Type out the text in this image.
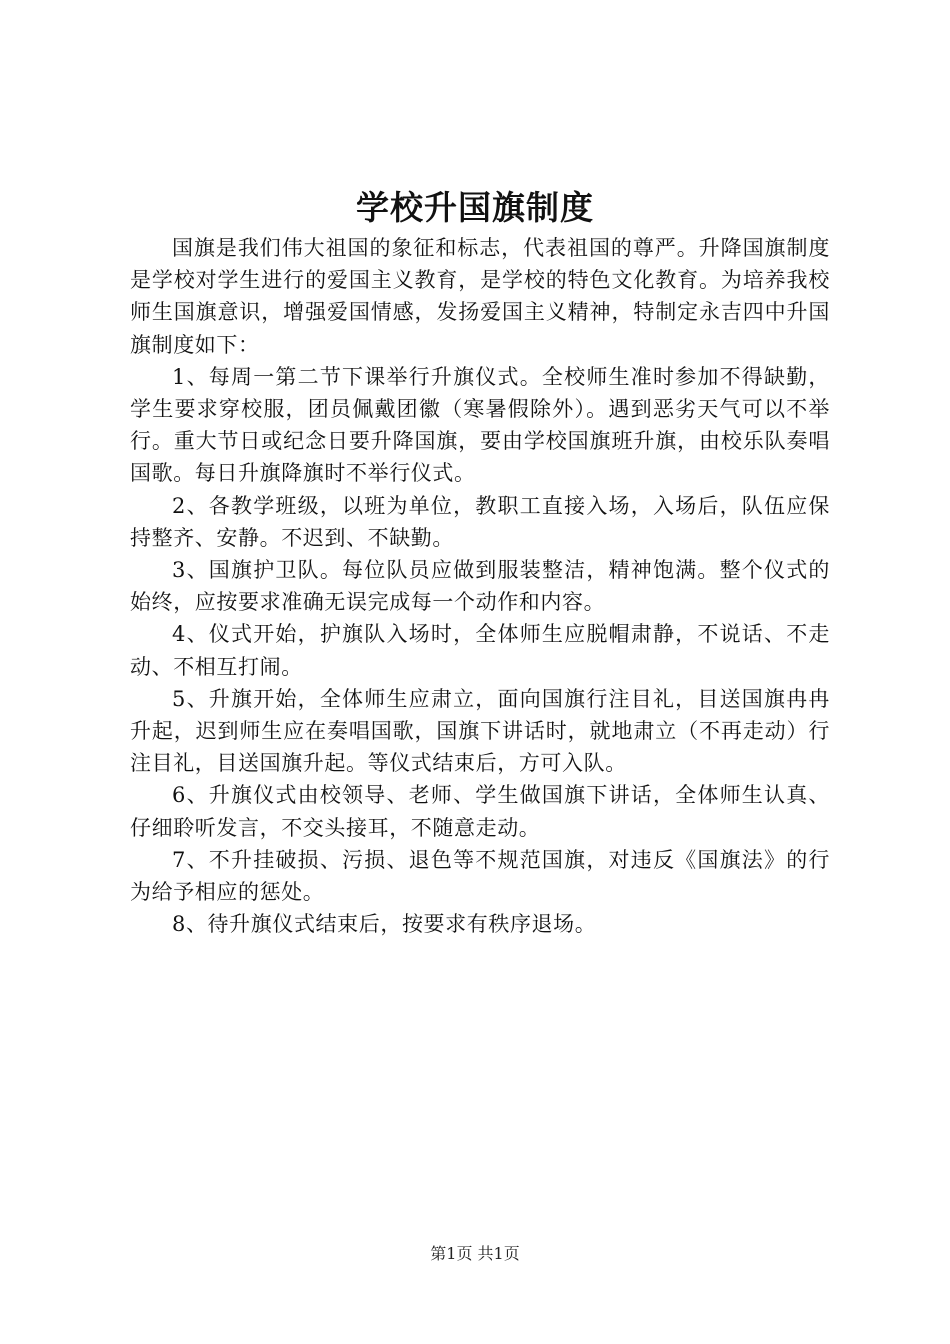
学校升国旗制度

国旗是我们伟大祖国的象征和标志，代表祖国的尊严。升降国旗制度是学校对学生进行的爱国主义教育，是学校的特色文化教育。为培养我校师生国旗意识，增强爱国情感，发扬爱国主义精神，特制定永吉四中升国旗制度如下：

1、每周一第二节下课举行升旗仪式。全校师生准时参加不得缺勤，学生要求穿校服，团员佩戴团徽（寒暑假除外）。遇到恶劣天气可以不举行。重大节日或纪念日要升降国旗，要由学校国旗班升旗，由校乐队奏唱国歌。每日升旗降旗时不举行仪式。

2、各教学班级，以班为单位，教职工直接入场，入场后，队伍应保持整齐、安静。不迟到、不缺勤。

3、国旗护卫队。每位队员应做到服装整洁，精神饱满。整个仪式的始终，应按要求准确无误完成每一个动作和内容。

4、仪式开始，护旗队入场时，全体师生应脱帽肃静，不说话、不走动、不相互打闹。

5、升旗开始，全体师生应肃立，面向国旗行注目礼，目送国旗冉冉升起，迟到师生应在奏唱国歌，国旗下讲话时，就地肃立（不再走动）行注目礼，目送国旗升起。等仪式结束后，方可入队。

6、升旗仪式由校领导、老师、学生做国旗下讲话，全体师生认真、仔细聆听发言，不交头接耳，不随意走动。

7、不升挂破损、污损、退色等不规范国旗，对违反《国旗法》的行为给予相应的惩处。

8、待升旗仪式结束后，按要求有秩序退场。

第1页 共1页
